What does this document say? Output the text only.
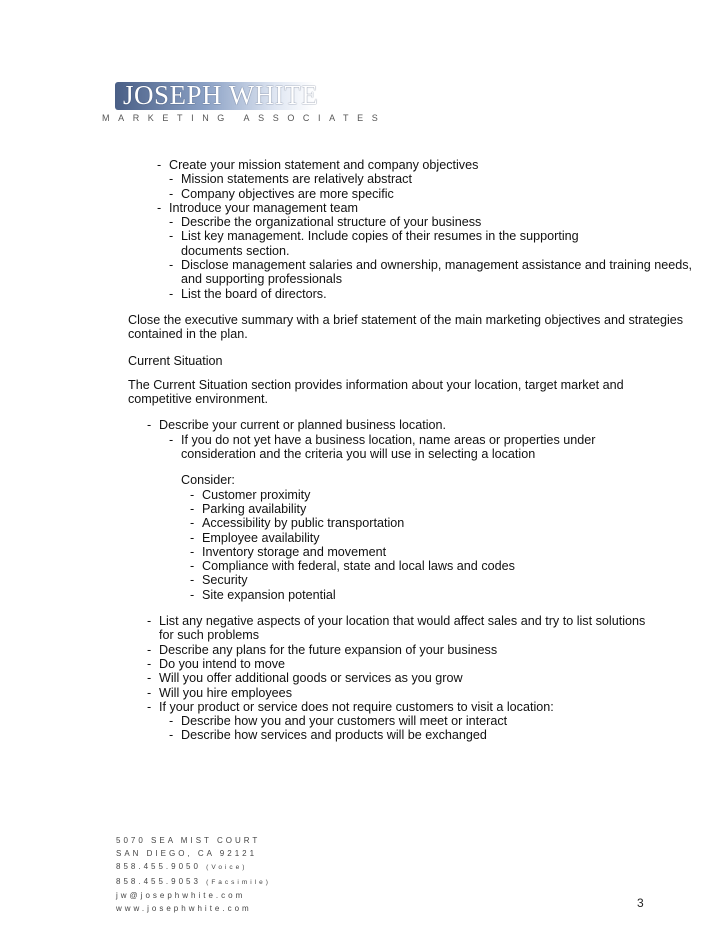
JOSEPH WHITE
MARKETING ASSOCIATES
- Create your mission statement and company objectives
- Mission statements are relatively abstract
- Company objectives are more specific
- Introduce your management team
- Describe the organizational structure of your business
- List key management. Include copies of their resumes in the supporting
documents section.
- Disclose management salaries and ownership, management assistance and training needs,
and supporting professionals
- List the board of directors.
Close the executive summary with a brief statement of the main marketing objectives and strategies
contained in the plan.
Current Situation
The Current Situation section provides information about your location, target market and
competitive environment.
- Describe your current or planned business location.
- If you do not yet have a business location, name areas or properties under
consideration and the criteria you will use in selecting a location
Consider:
- Customer proximity
- Parking availability
- Accessibility by public transportation
- Employee availability
- Inventory storage and movement
- Compliance with federal, state and local laws and codes
- Security
- Site expansion potential
- List any negative aspects of your location that would affect sales and try to list solutions
for such problems
- Describe any plans for the future expansion of your business
- Do you intend to move
- Will you offer additional goods or services as you grow
- Will you hire employees
- If your product or service does not require customers to visit a location:
- Describe how you and your customers will meet or interact
- Describe how services and products will be exchanged
5070 SEA MIST COURT
SAN DIEGO, CA 92121
858.455.9050 (Voice)
858.455.9053 (Facsimile)
jw@josephwhite.com
www.josephwhite.com	3
